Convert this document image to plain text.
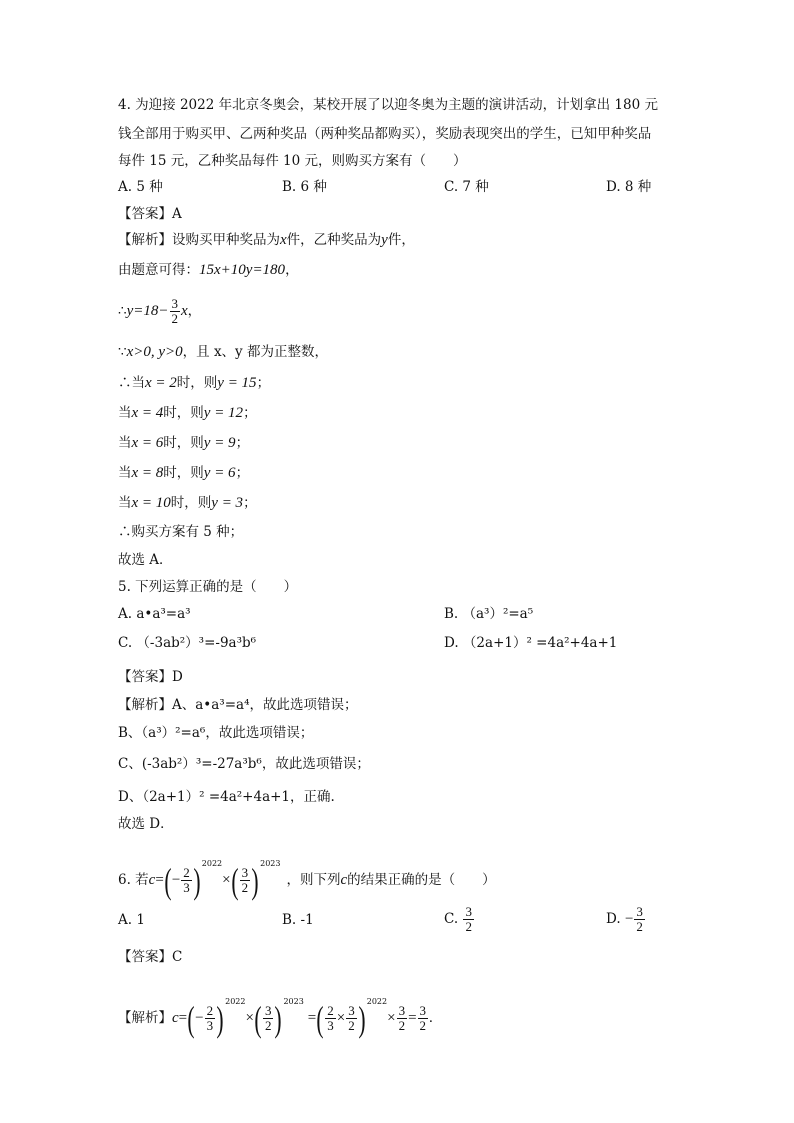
4. 为迎接 2022 年北京冬奥会，某校开展了以迎冬奥为主题的演讲活动，计划拿出 180 元
钱全部用于购买甲、乙两种奖品（两种奖品都购买），奖励表现突出的学生，已知甲种奖品
每件 15 元，乙种奖品每件 10 元，则购买方案有（　　）
A. 5 种	B. 6 种	C. 7 种	D. 8 种
【答案】A
【解析】设购买甲种奖品为x件，乙种奖品为y件，
由题意可得：15x+10y=180，
∴y=18− $\frac{3}{2}$ x，
∵x>0, y>0，且 x、y 都为正整数，
∴当x = 2时，则y = 15；
当x = 4时，则y = 12；
当x = 6时，则y = 9；
当x = 8时，则y = 6；
当x = 10时，则y = 3；
∴购买方案有 5 种；
故选 A．
5. 下列运算正确的是（　　）
A. a•a³=a³	B. （a³）²=a⁵
C. （-3ab²）³=-9a³b⁶	D. （2a+1）² =4a²+4a+1
【答案】D
【解析】A、a•a³=a⁴，故此选项错误；
B、（a³）²=a⁶，故此选项错误；
C、(-3ab²）³=-27a³b⁶，故此选项错误；
D、（2a+1）² =4a²+4a+1，正确.
故选 D．
6. 若$c=(- \frac{2}{3} )^{2022}\times( \frac{3}{2} )^{2023}$，则下列c的结果正确的是（　　）
A. 1	B. -1	C. $\frac{3}{2}$	D. − $\frac{3}{2}$
【答案】C
【解析】$c=(- \frac{2}{3} )^{2022}\times( \frac{3}{2} )^{2023}=( \frac{2}{3} \times \frac{3}{2} )^{2022}\times \frac{3}{2} = \frac{3}{2}$ .
